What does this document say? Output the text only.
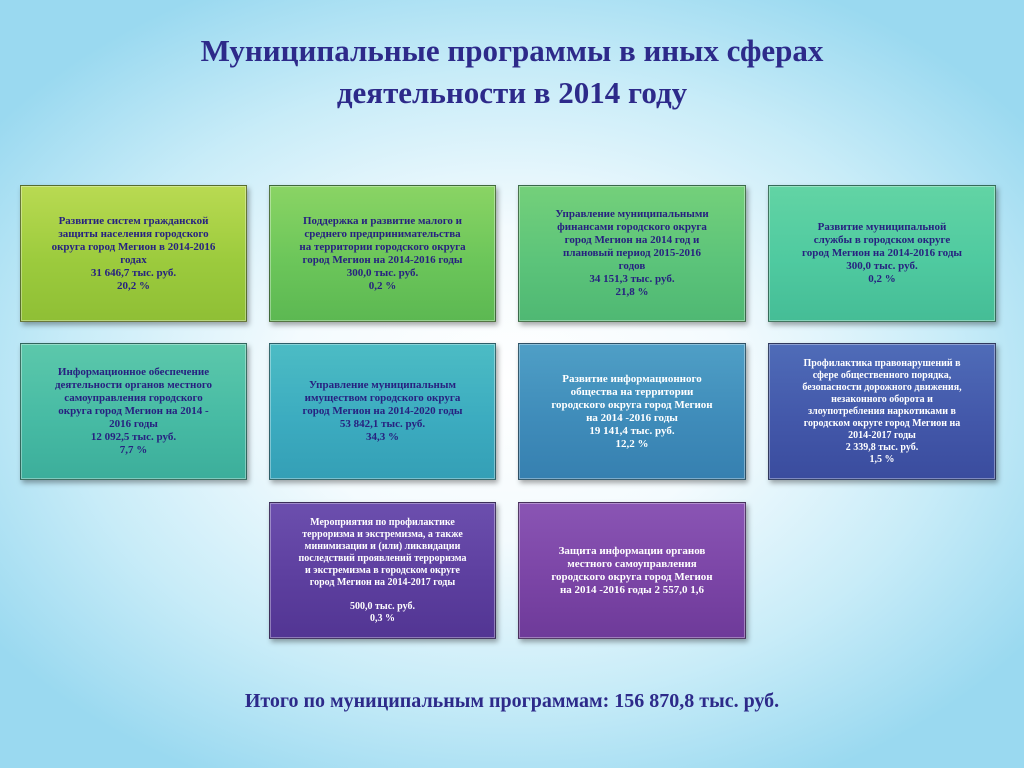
Муниципальные программы в иных сферах
деятельности в 2014 году
Развитие систем гражданской
защиты населения городского
округа город Мегион в 2014-2016
годах
31 646,7 тыс. руб.
20,2 %
Поддержка и развитие малого и
среднего предпринимательства
на территории городского округа
город Мегион на 2014-2016 годы
300,0 тыс. руб.
0,2 %
Управление муниципальными
финансами городского округа
город Мегион на 2014 год и
плановый период 2015-2016
годов
34 151,3 тыс. руб.
21,8 %
Развитие муниципальной
службы в городском округе
город Мегион на 2014-2016 годы
300,0 тыс. руб.
0,2 %
Информационное обеспечение
деятельности органов местного
самоуправления городского
округа город Мегион на 2014 -
2016 годы
12 092,5 тыс. руб.
7,7 %
Управление муниципальным
имуществом городского округа
город Мегион на 2014-2020 годы
53 842,1 тыс. руб.
34,3 %
Развитие информационного
общества на территории
городского округа город Мегион
на 2014 -2016 годы
19 141,4 тыс. руб.
12,2 %
Профилактика правонарушений в
сфере общественного порядка,
безопасности дорожного движения,
незаконного оборота и
злоупотребления наркотиками в
городском округе город Мегион на
2014-2017 годы
2 339,8 тыс. руб.
1,5 %
Мероприятия по профилактике
терроризма и экстремизма, а также
минимизации и (или) ликвидации
последствий проявлений терроризма
и экстремизма в городском округе
город Мегион на 2014-2017 годы

500,0 тыс. руб.
0,3 %
Защита информации органов
местного самоуправления
городского округа город Мегион
на 2014 -2016 годы 2 557,0 1,6
Итого по муниципальным программам: 156 870,8 тыс. руб.
